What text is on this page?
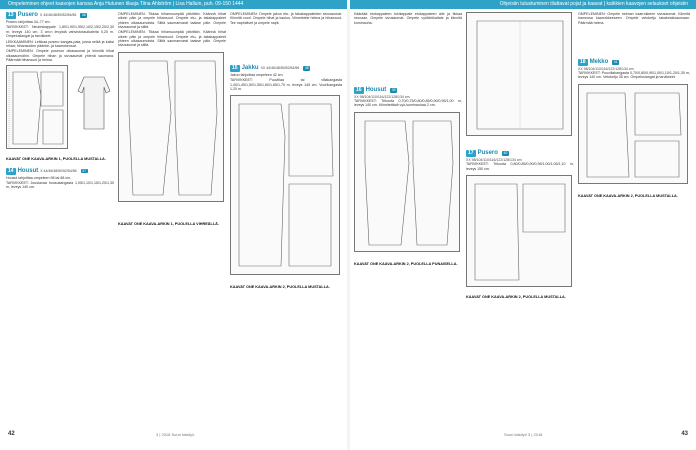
Ompeleminen ohjeet kaavojen kanssa Anja Hutunen tilaaja Tiina Ahlström | Lisa Halluin, puh. 09-150 1444	Ohjeisiin tutustuminen tilattavat pojat ja kaavat | kaikkien kaavojen selaukset ohjeisiin
13 Pusero X 44/46/48/50/52/54/56	36

Pusero lahjoittaa 34–77 cm.

TARVIKKEET: Neuleskappale 1,80/1,90/1,95/2,10/2,15/2,20/2,30 m, leveys 140 cm. 3 cm:n levyistä vahvistussuikaleita 0,25 m. Ompeluslangat ja tarvikkeet.

LEIKKAAMINEN: Leikkaa pusero kangas-pala, jossa selkä ja kaksi hihaa; hihansuiden pääntie- ja kaarrokeosat.

OMPELEMINEN: Ompele puseron olkasaumat ja kiinnitä hihat olkasaumoihin. Ompele hihan ja sivusaumat yhtenä saumana. Päärmää hihansuut ja helma.

KAAVAT ONE KAAVA-ARKIN 1, PUOLELLA MUSTALLA.
14 Housut X 44/46/48/50/52/54/56	37

Housut lahjoittaa ompeleen 98 tai 88 cm.

TARVIKKEET: Joustavaa housukangasta 1,05/1,10/1,15/1,20/1,30 m, leveys 140 cm.

OMPELEMINEN: Tikkaa hihansuunpää pitkittäin. Käännä hihat oikein päin ja ompele hihansuut. Ompele etu- ja takakappaleet yhteen olkasaumoista. Silitä saumanvarat taakse päin. Ompele sivusaumat ja silitä.

OMPELEMINEN: Tikkaa hihansuunpää pitkittäin. Käännä hihat oikein päin ja ompele hihansuut. Ompele etu- ja takakappaleet yhteen olkasaumoista. Silitä saumanvarat taakse päin. Ompele sivusaumat ja silitä.

KAAVAT ONE KAAVA-ARKIN 1, PUOLELLA VIHREÄLLÄ.

OMPELEMINEN: Ompele jakun etu- ja takakappaleiden sivusaumat. Kiinnitä vuori. Ompele hihat ja kaulus. Viimeistele helma ja hihansuut. Tee napinlävet ja ompele napit.

15 Jakku XX 44/46/48/50/52/54/56	38

Jakun lahjoittaa ompeleen 42 cm.

TARVIKKEET: Puuvillaa tai villakangasta 1,40/1,45/1,50/1,55/1,60/1,65/1,70 m, leveys 145 cm. Vuorikangasta 1,20 m.

KAAVAT ONE KAAVA-ARKIN 2, PUOLELLA MUSTALLA.
42	3 | 2018 Suuri käsityö

Kääntää etukappaleen tukikappale etukappaleen alle ja tikkaa reunaan. Ompele sivusaumat. Ompele vyötärökaitale ja kiinnitä kuminauha.

16 Housut	39
XX 98/104/110/116/122/128/134 cm

TARVIKKEET: Trikoota 0,70/0,75/0,80/0,85/0,90/0,95/1,00 m, leveys 140 cm. Kiinnitettävä vyö-kuminauhaa 2 cm.

KAAVAT ONE KAAVA-ARKIN 2, PUOLELLA PUNAISELLA.
17 Pusero	40
XX 98/104/110/116/122/128/134 cm

TARVIKKEET: Trikoota 0,80/0,85/0,90/0,95/1,00/1,05/1,10 m, leveys 150 cm.

KAAVAT ONE KAAVA-ARKIN 2, PUOLELLA MUSTALLA.

OMPELEMINEN: Ompele helman kaarrokkeen sivusaumat. Kiinnitä hameosa kaarrokkeeseen. Ompele vetoketju takakeskisaumaan. Päärmää helma.

18 Mekko	41
XX 98/104/110/116/122/128/134 cm

TARVIKKEET: Puuvillakangasta 0,70/0,80/0,90/1,00/1,10/1,20/1,30 m, leveys 140 cm. Vetoketju 35 cm. Ompeluslangat ja tarvikkeet.

KAAVAT ONE KAAVA-ARKIN 2, PUOLELLA MUSTALLA.
43
Suuri käsityö 3 | 2018
